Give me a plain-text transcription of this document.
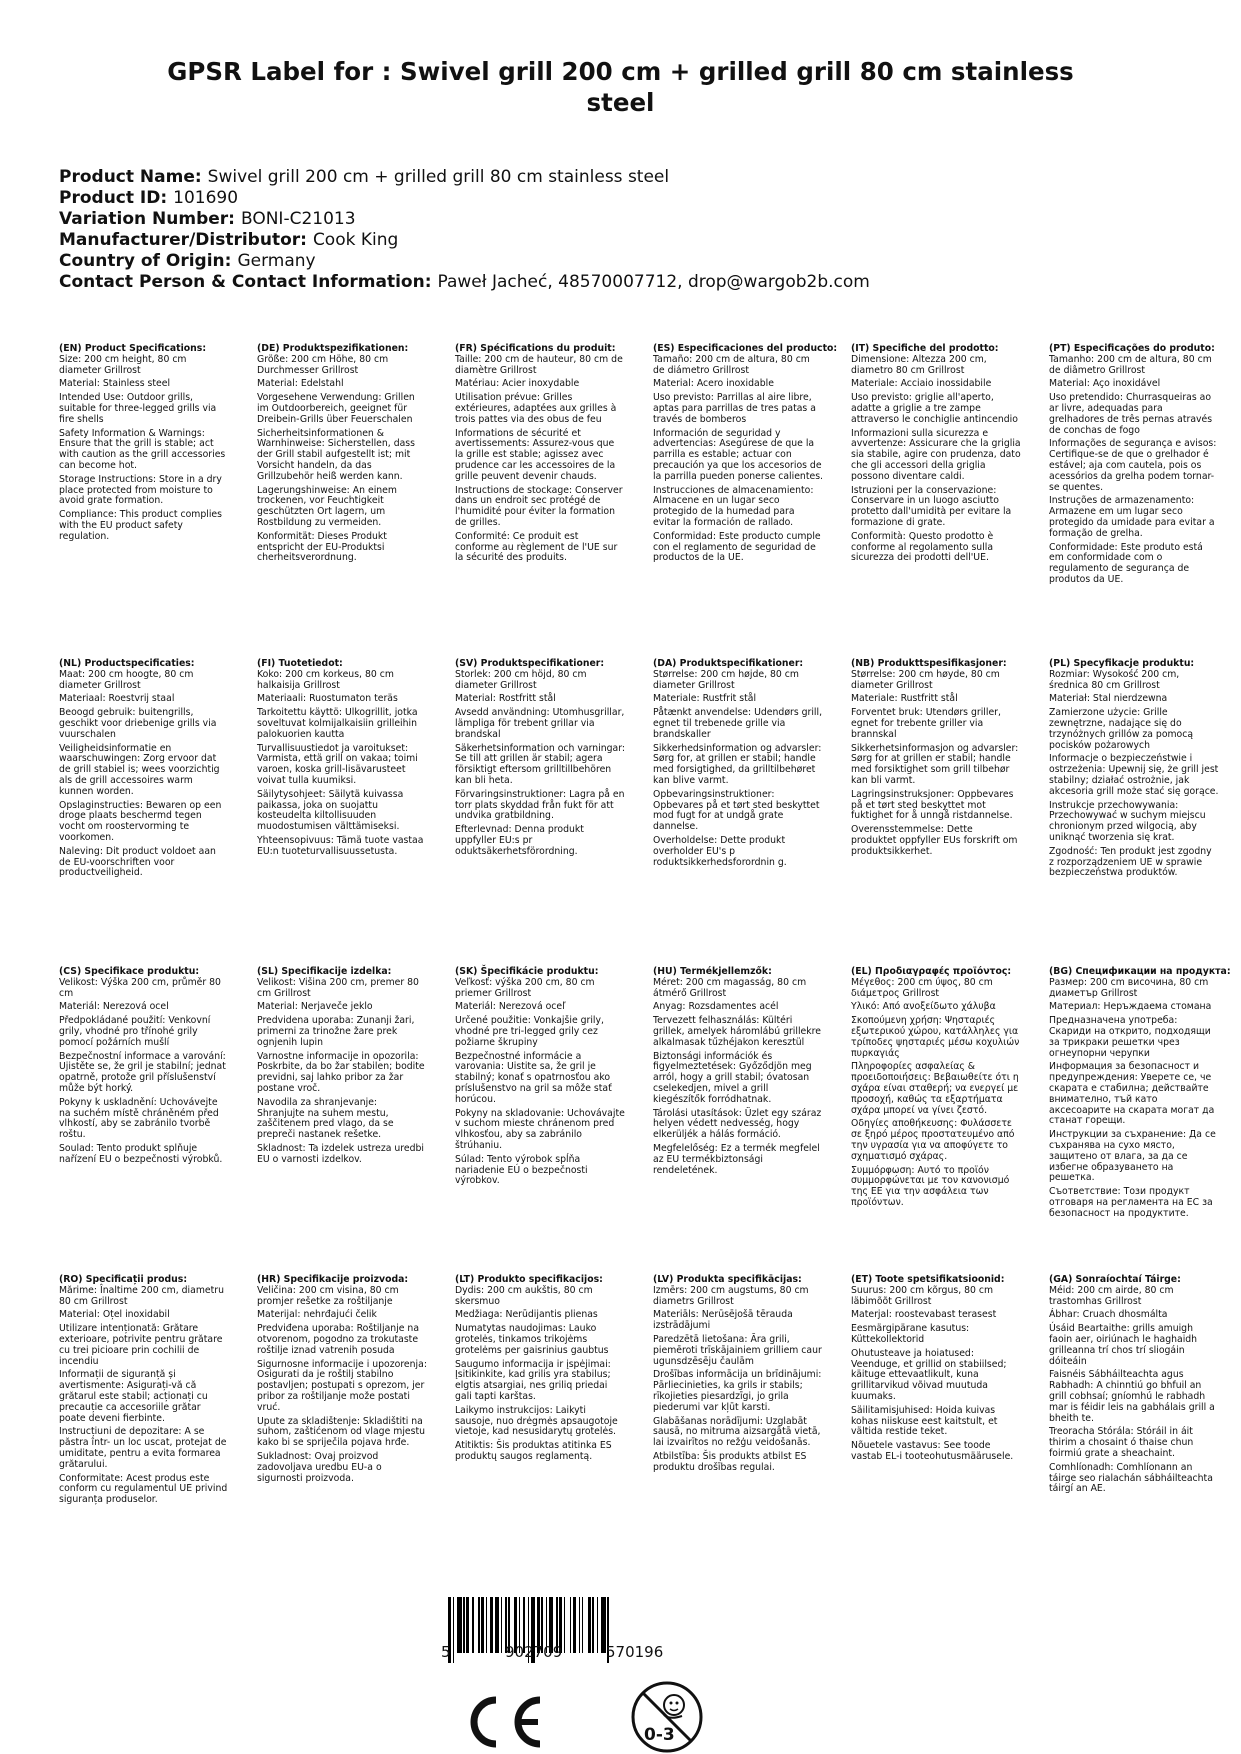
GPSR Label for : Swivel grill 200 cm + grilled grill 80 cm stainless steel
Product Name: Swivel grill 200 cm + grilled grill 80 cm stainless steel
Product ID: 101690
Variation Number: BONI-C21013
Manufacturer/Distributor: Cook King
Country of Origin: Germany
Contact Person & Contact Information: Paweł Jacheć, 48570007712, drop@wargob2b.com
(EN) Product Specifications:
Size: 200 cm height, 80 cm diameter Grillrost
Material: Stainless steel
Intended Use: Outdoor grills, suitable for three-legged grills via fire shells
Safety Information & Warnings: Ensure that the grill is stable; act with caution as the grill accessories can become hot.
Storage Instructions: Store in a dry place protected from moisture to avoid grate formation.
Compliance: This product complies with the EU product safety regulation.
(DE) Produktspezifikationen:
Größe: 200 cm Höhe, 80 cm Durchmesser Grillrost
Material: Edelstahl
Vorgesehene Verwendung: Grillen im Outdoorbereich, geeignet für Dreibein-Grills über Feuerschalen
Sicherheitsinformationen & Warnhinweise: Sicherstellen, dass der Grill stabil aufgestellt ist; mit Vorsicht handeln, da das Grillzubehör heiß werden kann.
Lagerungshinweise: An einem trockenen, vor Feuchtigkeit geschützten Ort lagern, um Rostbildung zu vermeiden.
Konformität: Dieses Produkt entspricht der EU-Produktsi cherheitsverordnung.
(FR) Spécifications du produit:
Taille: 200 cm de hauteur, 80 cm de diamètre Grillrost
Matériau: Acier inoxydable
Utilisation prévue: Grilles extérieures, adaptées aux grilles à trois pattes via des obus de feu
Informations de sécurité et avertissements: Assurez-vous que la grille est stable; agissez avec prudence car les accessoires de la grille peuvent devenir chauds.
Instructions de stockage: Conserver dans un endroit sec protégé de l'humidité pour éviter la formation de grilles.
Conformité: Ce produit est conforme au règlement de l'UE sur la sécurité des produits.
(ES) Especificaciones del producto:
Tamaño: 200 cm de altura, 80 cm de diámetro Grillrost
Material: Acero inoxidable
Uso previsto: Parrillas al aire libre, aptas para parrillas de tres patas a través de bomberos
Información de seguridad y advertencias: Asegúrese de que la parrilla es estable; actuar con precaución ya que los accesorios de la parrilla pueden ponerse calientes.
Instrucciones de almacenamiento: Almacene en un lugar seco protegido de la humedad para evitar la formación de rallado.
Conformidad: Este producto cumple con el reglamento de seguridad de productos de la UE.
(IT) Specifiche del prodotto:
Dimensione: Altezza 200 cm, diametro 80 cm Grillrost
Materiale: Acciaio inossidabile
Uso previsto: griglie all'aperto, adatte a griglie a tre zampe attraverso le conchiglie antincendio
Informazioni sulla sicurezza e avvertenze: Assicurare che la griglia sia stabile, agire con prudenza, dato che gli accessori della griglia possono diventare caldi.
Istruzioni per la conservazione: Conservare in un luogo asciutto protetto dall'umidità per evitare la formazione di grate.
Conformità: Questo prodotto è conforme al regolamento sulla sicurezza dei prodotti dell'UE.
(PT) Especificações do produto:
Tamanho: 200 cm de altura, 80 cm de diâmetro Grillrost
Material: Aço inoxidável
Uso pretendido: Churrasqueiras ao ar livre, adequadas para grelhadores de três pernas através de conchas de fogo
Informações de segurança e avisos: Certifique-se de que o grelhador é estável; aja com cautela, pois os acessórios da grelha podem tornar-se quentes.
Instruções de armazenamento: Armazene em um lugar seco protegido da umidade para evitar a formação de grelha.
Conformidade: Este produto está em conformidade com o regulamento de segurança de produtos da UE.
(NL) Productspecificaties:
Maat: 200 cm hoogte, 80 cm diameter Grillrost
Materiaal: Roestvrij staal
Beoogd gebruik: buitengrills, geschikt voor driebenige grills via vuurschalen
Veiligheidsinformatie en waarschuwingen: Zorg ervoor dat de grill stabiel is; wees voorzichtig als de grill accessoires warm kunnen worden.
Opslaginstructies: Bewaren op een droge plaats beschermd tegen vocht om roostervorming te voorkomen.
Naleving: Dit product voldoet aan de EU-voorschriften voor productveiligheid.
(FI) Tuotetiedot:
Koko: 200 cm korkeus, 80 cm halkaisija Grillrost
Materiaali: Ruostumaton teräs
Tarkoitettu käyttö: Ulkogrillit, jotka soveltuvat kolmijalkaisiin grilleihin palokuorien kautta
Turvallisuustiedot ja varoitukset: Varmista, että grill on vakaa; toimi varoen, koska grill-lisävarusteet voivat tulla kuumiksi.
Säilytysohjeet: Säilytä kuivassa paikassa, joka on suojattu kosteudelta kiltollisuuden muodostumisen välttämiseksi.
Yhteensopivuus: Tämä tuote vastaa EU:n tuoteturvallisuussetusta.
(SV) Produktspecifikationer:
Storlek: 200 cm höjd, 80 cm diameter Grillrost
Material: Rostfritt stål
Avsedd användning: Utomhusgrillar, lämpliga för trebent grillar via brandskal
Säkerhetsinformation och varningar: Se till att grillen är stabil; agera försiktigt eftersom grilltillbehören kan bli heta.
Förvaringsinstruktioner: Lagra på en torr plats skyddad från fukt för att undvika gratbildning.
Efterlevnad: Denna produkt uppfyller EU:s pr oduktsäkerhetsförordning.
(DA) Produktspecifikationer:
Størrelse: 200 cm højde, 80 cm diameter Grillrost
Materiale: Rustfrit stål
Påtænkt anvendelse: Udendørs grill, egnet til trebenede grille via brandskaller
Sikkerhedsinformation og advarsler: Sørg for, at grillen er stabil; handle med forsigtighed, da grilltilbehøret kan blive varmt.
Opbevaringsinstruktioner: Opbevares på et tørt sted beskyttet mod fugt for at undgå grate dannelse.
Overholdelse: Dette produkt overholder EU's p roduktsikkerhedsforordnin g.
(NB) Produkttspesifikasjoner:
Størrelse: 200 cm høyde, 80 cm diameter Grillrost
Materiale: Rustfritt stål
Forventet bruk: Utendørs griller, egnet for trebente griller via brannskal
Sikkerhetsinformasjon og advarsler: Sørg for at grillen er stabil; handle med forsiktighet som grill tilbehør kan bli varmt.
Lagringsinstruksjoner: Oppbevares på et tørt sted beskyttet mot fuktighet for å unngå ristdannelse.
Overensstemmelse: Dette produktet oppfyller EUs forskrift om produktsikkerhet.
(PL) Specyfikacje produktu:
Rozmiar: Wysokość 200 cm, średnica 80 cm Grillrost
Materiał: Stal nierdzewna
Zamierzone użycie: Grille zewnętrzne, nadające się do trzynóżnych grillów za pomocą pocisków pożarowych
Informacje o bezpieczeństwie i ostrzeżenia: Upewnij się, że grill jest stabilny; działać ostrożnie, jak akcesoria grill może stać się gorące.
Instrukcje przechowywania: Przechowywać w suchym miejscu chronionym przed wilgocią, aby uniknąć tworzenia się krat.
Zgodność: Ten produkt jest zgodny z rozporządzeniem UE w sprawie bezpieczeństwa produktów.
(CS) Specifikace produktu:
Velikost: Výška 200 cm, průměr 80 cm
Materiál: Nerezová ocel
Předpokládané použití: Venkovní grily, vhodné pro třínohé grily pomocí požárních mušlí
Bezpečnostní informace a varování: Ujistěte se, že gril je stabilní; jednat opatrně, protože gril příslušenství může být horký.
Pokyny k uskladnění: Uchovávejte na suchém místě chráněném před vlhkostí, aby se zabránilo tvorbě roštu.
Soulad: Tento produkt splňuje nařízení EU o bezpečnosti výrobků.
(SL) Specifikacije izdelka:
Velikost: Višina 200 cm, premer 80 cm Grillrost
Material: Nerjaveče jeklo
Predvidena uporaba: Zunanji žari, primerni za trinožne žare prek ognjenih lupin
Varnostne informacije in opozorila: Poskrbite, da bo žar stabilen; bodite previdni, saj lahko pribor za žar postane vroč.
Navodila za shranjevanje: Shranjujte na suhem mestu, zaščitenem pred vlago, da se prepreči nastanek rešetke.
Skladnost: Ta izdelek ustreza uredbi EU o varnosti izdelkov.
(SK) Špecifikácie produktu:
Veľkosť: výška 200 cm, 80 cm priemer Grillrost
Materiál: Nerezová oceľ
Určené použitie: Vonkajšie grily, vhodné pre tri-legged grily cez požiarne škrupiny
Bezpečnostné informácie a varovania: Uistite sa, že gril je stabilný; konať s opatrnosťou ako príslušenstvo na gril sa môže stať horúcou.
Pokyny na skladovanie: Uchovávajte v suchom mieste chránenom pred vlhkosťou, aby sa zabránilo štrúhaniu.
Súlad: Tento výrobok spĺňa nariadenie EÚ o bezpečnosti výrobkov.
(HU) Termékjellemzők:
Méret: 200 cm magasság, 80 cm átmérő Grillrost
Anyag: Rozsdamentes acél
Tervezett felhasználás: Kültéri grillek, amelyek háromlábú grillekre alkalmasak tűzhéjakon keresztül
Biztonsági információk és figyelmeztetések: Győződjön meg arról, hogy a grill stabil; óvatosan cselekedjen, mivel a grill kiegészítők forródhatnak.
Tárolási utasítások: Üzlet egy száraz helyen védett nedvesség, hogy elkerüljék a hálás formáció.
Megfelelőség: Ez a termék megfelel az EU termékbiztonsági rendeletének.
(EL) Προδιαγραφές προϊόντος:
Μέγεθος: 200 cm ύψος, 80 cm διάμετρος Grillrost
Υλικό: Από ανοξείδωτο χάλυβα
Σκοπούμενη χρήση: Ψησταριές εξωτερικού χώρου, κατάλληλες για τρίποδες ψησταριές μέσω κοχυλιών πυρκαγιάς
Πληροφορίες ασφαλείας & προειδοποιήσεις: Βεβαιωθείτε ότι η σχάρα είναι σταθερή; να ενεργεί με προσοχή, καθώς τα εξαρτήματα σχάρα μπορεί να γίνει ζεστό.
Οδηγίες αποθήκευσης: Φυλάσσετε σε ξηρό μέρος προστατευμένο από την υγρασία για να αποφύγετε το σχηματισμό σχάρας.
Συμμόρφωση: Αυτό το προϊόν συμμορφώνεται με τον κανονισμό της ΕΕ για την ασφάλεια των προϊόντων.
(BG) Спецификации на продукта:
Размер: 200 cm височина, 80 cm диаметър Grillrost
Материал: Неръждаема стомана
Предназначена употреба: Скариди на открито, подходящи за трикраки решетки чрез огнеупорни черупки
Информация за безопасност и предупреждения: Уверете се, че скарата е стабилна; действайте внимателно, тъй като аксесоарите на скарата могат да станат горещи.
Инструкции за съхранение: Да се съхранява на сухо място, защитено от влага, за да се избегне образуването на решетка.
Съответствие: Този продукт отговаря на регламента на ЕС за безопасност на продуктите.
(RO) Specificații produs:
Mărime: Înaltime 200 cm, diametru 80 cm Grillrost
Material: Oțel inoxidabil
Utilizare intenționată: Grătare exterioare, potrivite pentru grătare cu trei picioare prin cochilii de incendiu
Informații de siguranță și avertismente: Asigurați-vă că grătarul este stabil; acționați cu precauție ca accesoriile grătar poate deveni fierbinte.
Instrucțiuni de depozitare: A se păstra într- un loc uscat, protejat de umiditate, pentru a evita formarea grătarului.
Conformitate: Acest produs este conform cu regulamentul UE privind siguranța produselor.
(HR) Specifikacije proizvoda:
Veličina: 200 cm visina, 80 cm promjer rešetke za roštiljanje
Materijal: nehrđajući čelik
Predviđena uporaba: Roštiljanje na otvorenom, pogodno za trokutaste roštilje iznad vatrenih posuda
Sigurnosne informacije i upozorenja: Osigurati da je roštilj stabilno postavljen; postupati s oprezom, jer pribor za roštiljanje može postati vruć.
Upute za skladištenje: Skladištiti na suhom, zaštićenom od vlage mjestu kako bi se spriječila pojava hrđe.
Sukladnost: Ovaj proizvod zadovoljava uredbu EU-a o sigurnosti proizvoda.
(LT) Produkto specifikacijos:
Dydis: 200 cm aukštis, 80 cm skersmuo
Medžiaga: Nerūdijantis plienas
Numatytas naudojimas: Lauko grotelės, tinkamos trikojėms grotelėms per gaisrinius gaubtus
Saugumo informacija ir įspėjimai: Įsitikinkite, kad grilis yra stabilus; elgtis atsargiai, nes griliq priedai gali tapti karštas.
Laikymo instrukcijos: Laikyti sausoje, nuo drėgmės apsaugotoje vietoje, kad nesusidarytų grotelės.
Atitiktis: Šis produktas atitinka ES produktų saugos reglamentą.
(LV) Produkta specifikācijas:
Izmērs: 200 cm augstums, 80 cm diametrs Grillrost
Materiāls: Nerūsējošā tērauda izstrādājumi
Paredzētā lietošana: Āra grili, piemēroti trīskājainiem grilliem caur ugunsdzēsēju čaulām
Drošības informācija un brīdinājumi: Pārliecinieties, ka grils ir stabils; rīkojieties piesardzīgi, jo grila piederumi var kļūt karsti.
Glabāšanas norādījumi: Uzglabāt sausā, no mitruma aizsargātā vietā, lai izvairītos no režģu veidošanās.
Atbilstība: Šis produkts atbilst ES produktu drošības regulai.
(ET) Toote spetsifikatsioonid:
Suurus: 200 cm kõrgus, 80 cm läbimõõt Grillrost
Materjal: roostevabast terasest
Eesmärgipärane kasutus: Küttekollektorid
Ohutusteave ja hoiatused: Veenduge, et grillid on stabiilsed; käituge ettevaatlikult, kuna grillitarvikud võivad muutuda kuumaks.
Säilitamisjuhised: Hoida kuivas kohas niiskuse eest kaitstult, et vältida restide teket.
Nõuetele vastavus: See toode vastab EL-i tooteohutusmäärusele.
(GA) Sonraíochtaí Táirge:
Méid: 200 cm airde, 80 cm trastomhas Grillrost
Ábhar: Cruach dhosmálta
Úsáid Beartaithe: grills amuigh faoin aer, oiriúnach le haghaidh grilleanna trí chos trí sliogáin dóiteáin
Faisnéis Sábháilteachta agus Rabhadh: A chinntiú go bhfuil an grill cobhsaí; gníomhú le rabhadh mar is féidir leis na gabhálais grill a bheith te.
Treoracha Stórála: Stóráil in áit thirim a chosaint ó thaise chun foirmiú grate a sheachaint.
Comhlíonadh: Comhlíonann an táirge seo rialachán sábháilteachta táirgí an AE.
5	902709	570196
0-3
